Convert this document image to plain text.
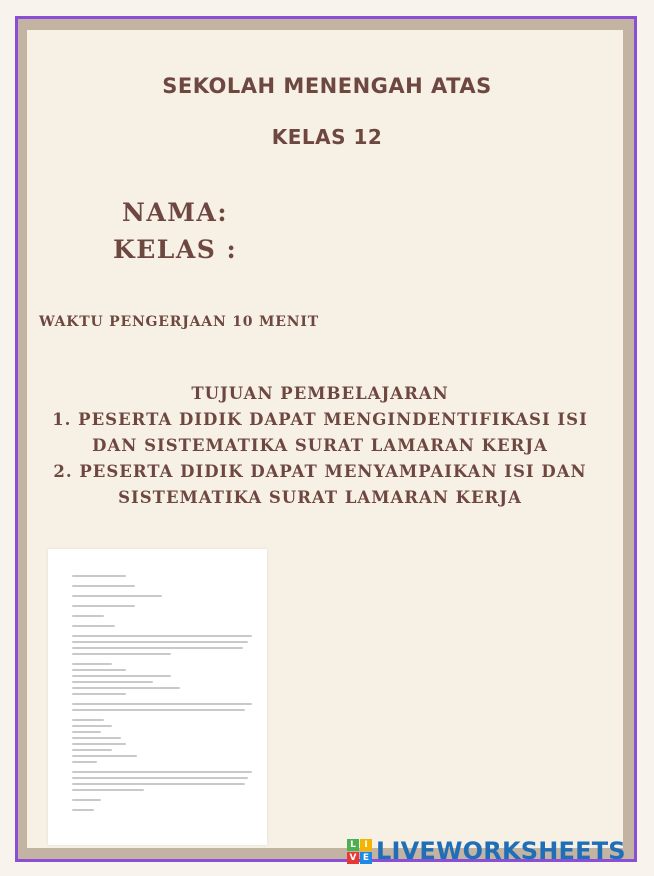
SEKOLAH MENENGAH ATAS
KELAS 12
NAMA:
KELAS :
WAKTU PENGERJAAN 10 MENIT
TUJUAN PEMBELAJARAN
1. PESERTA DIDIK DAPAT MENGINDENTIFIKASI ISI
DAN SISTEMATIKA SURAT LAMARAN KERJA
2. PESERTA DIDIK DAPAT MENYAMPAIKAN ISI DAN
SISTEMATIKA SURAT LAMARAN KERJA
L I
V E LIVEWORKSHEETS
